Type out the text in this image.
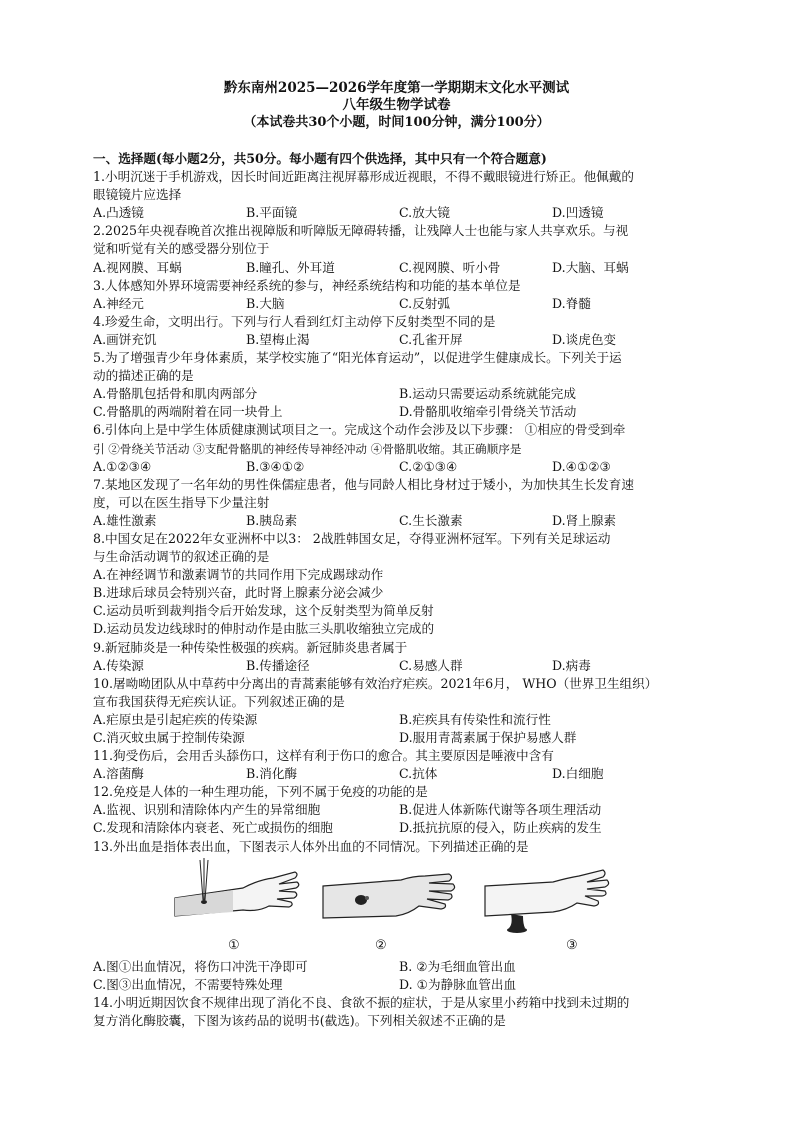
黔东南州2025—2026学年度第一学期期末文化水平测试
八年级生物学试卷
（本试卷共30个小题，时间100分钟，满分100分）
一、选择题(每小题2分，共50分。每小题有四个供选择，其中只有一个符合题意)
1.小明沉迷于手机游戏，因长时间近距离注视屏幕形成近视眼，不得不戴眼镜进行矫正。他佩戴的
眼镜镜片应选择
A.凸透镜	B.平面镜	C.放大镜	D.凹透镜
2.2025年央视春晚首次推出视障版和听障版无障碍转播，让残障人士也能与家人共享欢乐。与视
觉和听觉有关的感受器分别位于
A.视网膜、耳蜗	B.瞳孔、外耳道	C.视网膜、听小骨	D.大脑、耳蜗
3.人体感知外界环境需要神经系统的参与，神经系统结构和功能的基本单位是
A.神经元	B.大脑	C.反射弧	D.脊髓
4.珍爱生命，文明出行。下列与行人看到红灯主动停下反射类型不同的是
A.画饼充饥	B.望梅止渴	C.孔雀开屏	D.谈虎色变
5.为了增强青少年身体素质，某学校实施了“阳光体育运动”，以促进学生健康成长。下列关于运
动的描述正确的是
A.骨骼肌包括骨和肌肉两部分	B.运动只需要运动系统就能完成
C.骨骼肌的两端附着在同一块骨上	D.骨骼肌收缩牵引骨绕关节活动
6.引体向上是中学生体质健康测试项目之一。完成这个动作会涉及以下步骤： ①相应的骨受到牵
引 ②骨绕关节活动 ③支配骨骼肌的神经传导神经冲动 ④骨骼肌收缩。其正确顺序是
A.①②③④	B.③④①②	C.②①③④	D.④①②③
7.某地区发现了一名年幼的男性侏儒症患者，他与同龄人相比身材过于矮小，为加快其生长发育速
度，可以在医生指导下少量注射
A.雄性激素	B.胰岛素	C.生长激素	D.肾上腺素
8.中国女足在2022年女亚洲杯中以3： 2战胜韩国女足，夺得亚洲杯冠军。下列有关足球运动
与生命活动调节的叙述正确的是
A.在神经调节和激素调节的共同作用下完成踢球动作
B.进球后球员会特别兴奋，此时肾上腺素分泌会减少
C.运动员听到裁判指令后开始发球，这个反射类型为简单反射
D.运动员发边线球时的伸肘动作是由肱三头肌收缩独立完成的
9.新冠肺炎是一种传染性极强的疾病。新冠肺炎患者属于
A.传染源	B.传播途径	C.易感人群	D.病毒
10.屠呦呦团队从中草药中分离出的青蒿素能够有效治疗疟疾。2021年6月， WHO（世界卫生组织）
宣布我国获得无疟疾认证。下列叙述正确的是
A.疟原虫是引起疟疾的传染源	B.疟疾具有传染性和流行性
C.消灭蚊虫属于控制传染源	D.服用青蒿素属于保护易感人群
11.狗受伤后，会用舌头舔伤口，这样有利于伤口的愈合。其主要原因是唾液中含有
A.溶菌酶	B.消化酶	C.抗体	D.白细胞
12.免疫是人体的一种生理功能，下列不属于免疫的功能的是
A.监视、识别和清除体内产生的异常细胞	B.促进人体新陈代谢等各项生理活动
C.发现和清除体内衰老、死亡或损伤的细胞	D.抵抗抗原的侵入，防止疾病的发生
13.外出血是指体表出血，下图表示人体外出血的不同情况。下列描述正确的是
①	②	③
A.图①出血情况，将伤口冲洗干净即可	B. ②为毛细血管出血
C.图③出血情况，不需要特殊处理	D. ①为静脉血管出血
14.小明近期因饮食不规律出现了消化不良、食欲不振的症状，于是从家里小药箱中找到未过期的
复方消化酶胶囊，下图为该药品的说明书(截选)。下列相关叙述不正确的是
